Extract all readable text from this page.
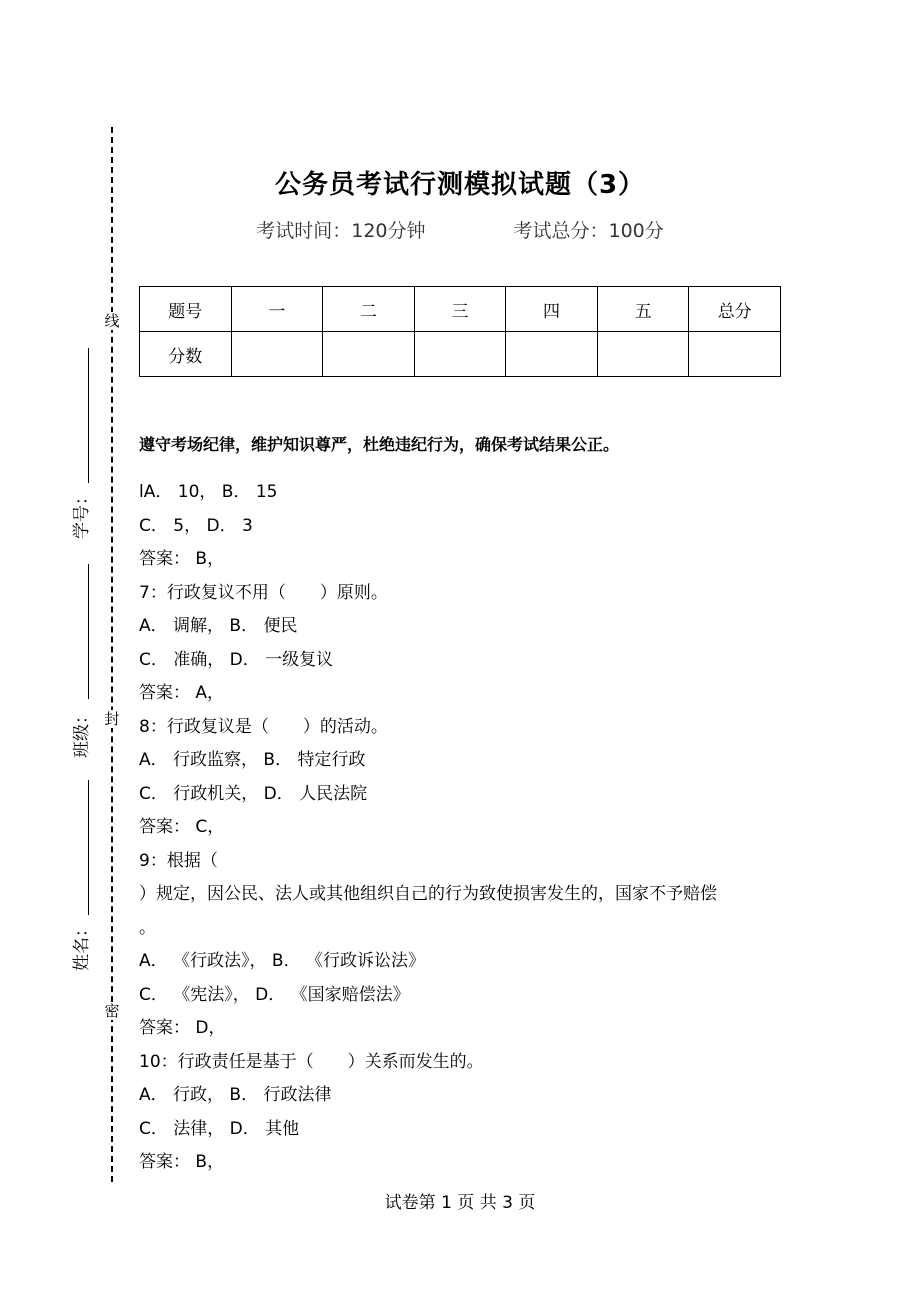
线
封
密
学号：
班级：
姓名：
公务员考试行测模拟试题（3）
考试时间：120分钟	考试总分：100分
题号	一	二	三	四	五	总分
分数						
遵守考场纪律，维护知识尊严，杜绝违纪行为，确保考试结果公正。
lA． 10， B． 15
C． 5， D． 3
答案： B，
7：行政复议不用（　　）原则。
A． 调解， B． 便民
C． 准确， D． 一级复议
答案： A，
8：行政复议是（　　）的活动。
A． 行政监察， B． 特定行政
C． 行政机关， D． 人民法院
答案： C，
9：根据（
）规定，因公民、法人或其他组织自己的行为致使损害发生的，国家不予赔偿
。
A． 《行政法》， B． 《行政诉讼法》
C． 《宪法》， D． 《国家赔偿法》
答案： D，
10：行政责任是基于（　　）关系而发生的。
A． 行政， B． 行政法律
C． 法律， D． 其他
答案： B，
试卷第 1 页 共 3 页
